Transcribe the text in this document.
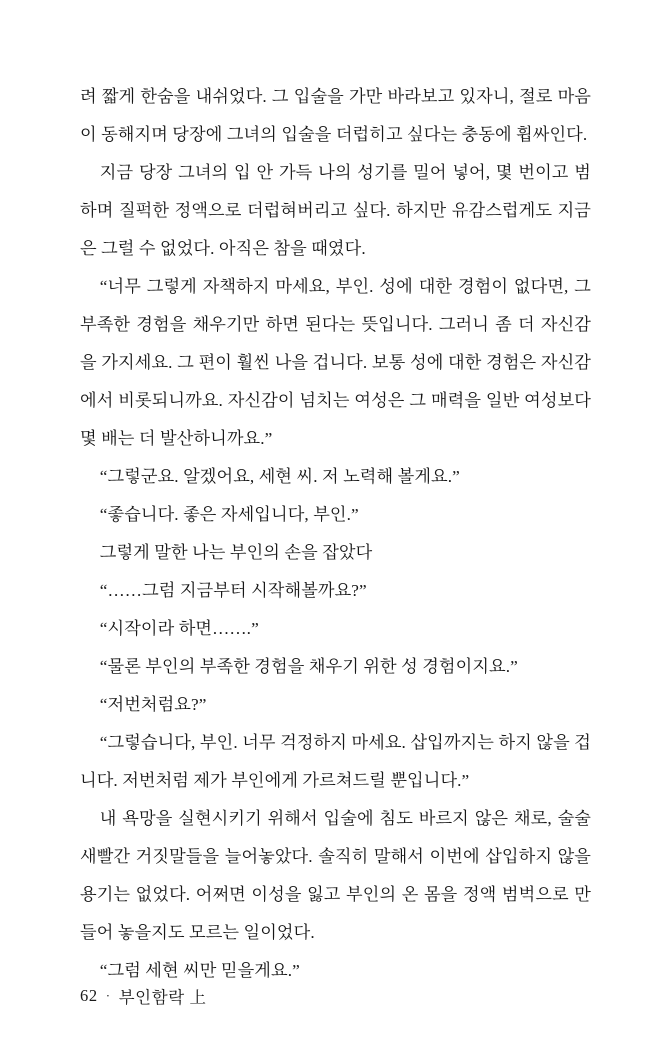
려 짧게 한숨을 내쉬었다. 그 입술을 가만 바라보고 있자니, 절로 마음이 동해지며 당장에 그녀의 입술을 더럽히고 싶다는 충동에 휩싸인다.

지금 당장 그녀의 입 안 가득 나의 성기를 밀어 넣어, 몇 번이고 범하며 질퍽한 정액으로 더럽혀버리고 싶다. 하지만 유감스럽게도 지금은 그럴 수 없었다. 아직은 참을 때였다.

“너무 그렇게 자책하지 마세요, 부인. 성에 대한 경험이 없다면, 그 부족한 경험을 채우기만 하면 된다는 뜻입니다. 그러니 좀 더 자신감을 가지세요. 그 편이 훨씬 나을 겁니다. 보통 성에 대한 경험은 자신감에서 비롯되니까요. 자신감이 넘치는 여성은 그 매력을 일반 여성보다 몇 배는 더 발산하니까요.”

“그렇군요. 알겠어요, 세현 씨. 저 노력해 볼게요.”

“좋습니다. 좋은 자세입니다, 부인.”

그렇게 말한 나는 부인의 손을 잡았다

“……그럼 지금부터 시작해볼까요?”

“시작이라 하면…….”

“물론 부인의 부족한 경험을 채우기 위한 성 경험이지요.”

“저번처럼요?”

“그렇습니다, 부인. 너무 걱정하지 마세요. 삽입까지는 하지 않을 겁니다. 저번처럼 제가 부인에게 가르쳐드릴 뿐입니다.”

내 욕망을 실현시키기 위해서 입술에 침도 바르지 않은 채로, 술술 새빨간 거짓말들을 늘어놓았다. 솔직히 말해서 이번에 삽입하지 않을 용기는 없었다. 어쩌면 이성을 잃고 부인의 온 몸을 정액 범벅으로 만들어 놓을지도 모르는 일이었다.

“그럼 세현 씨만 믿을게요.”

62 · 부인함락 上
